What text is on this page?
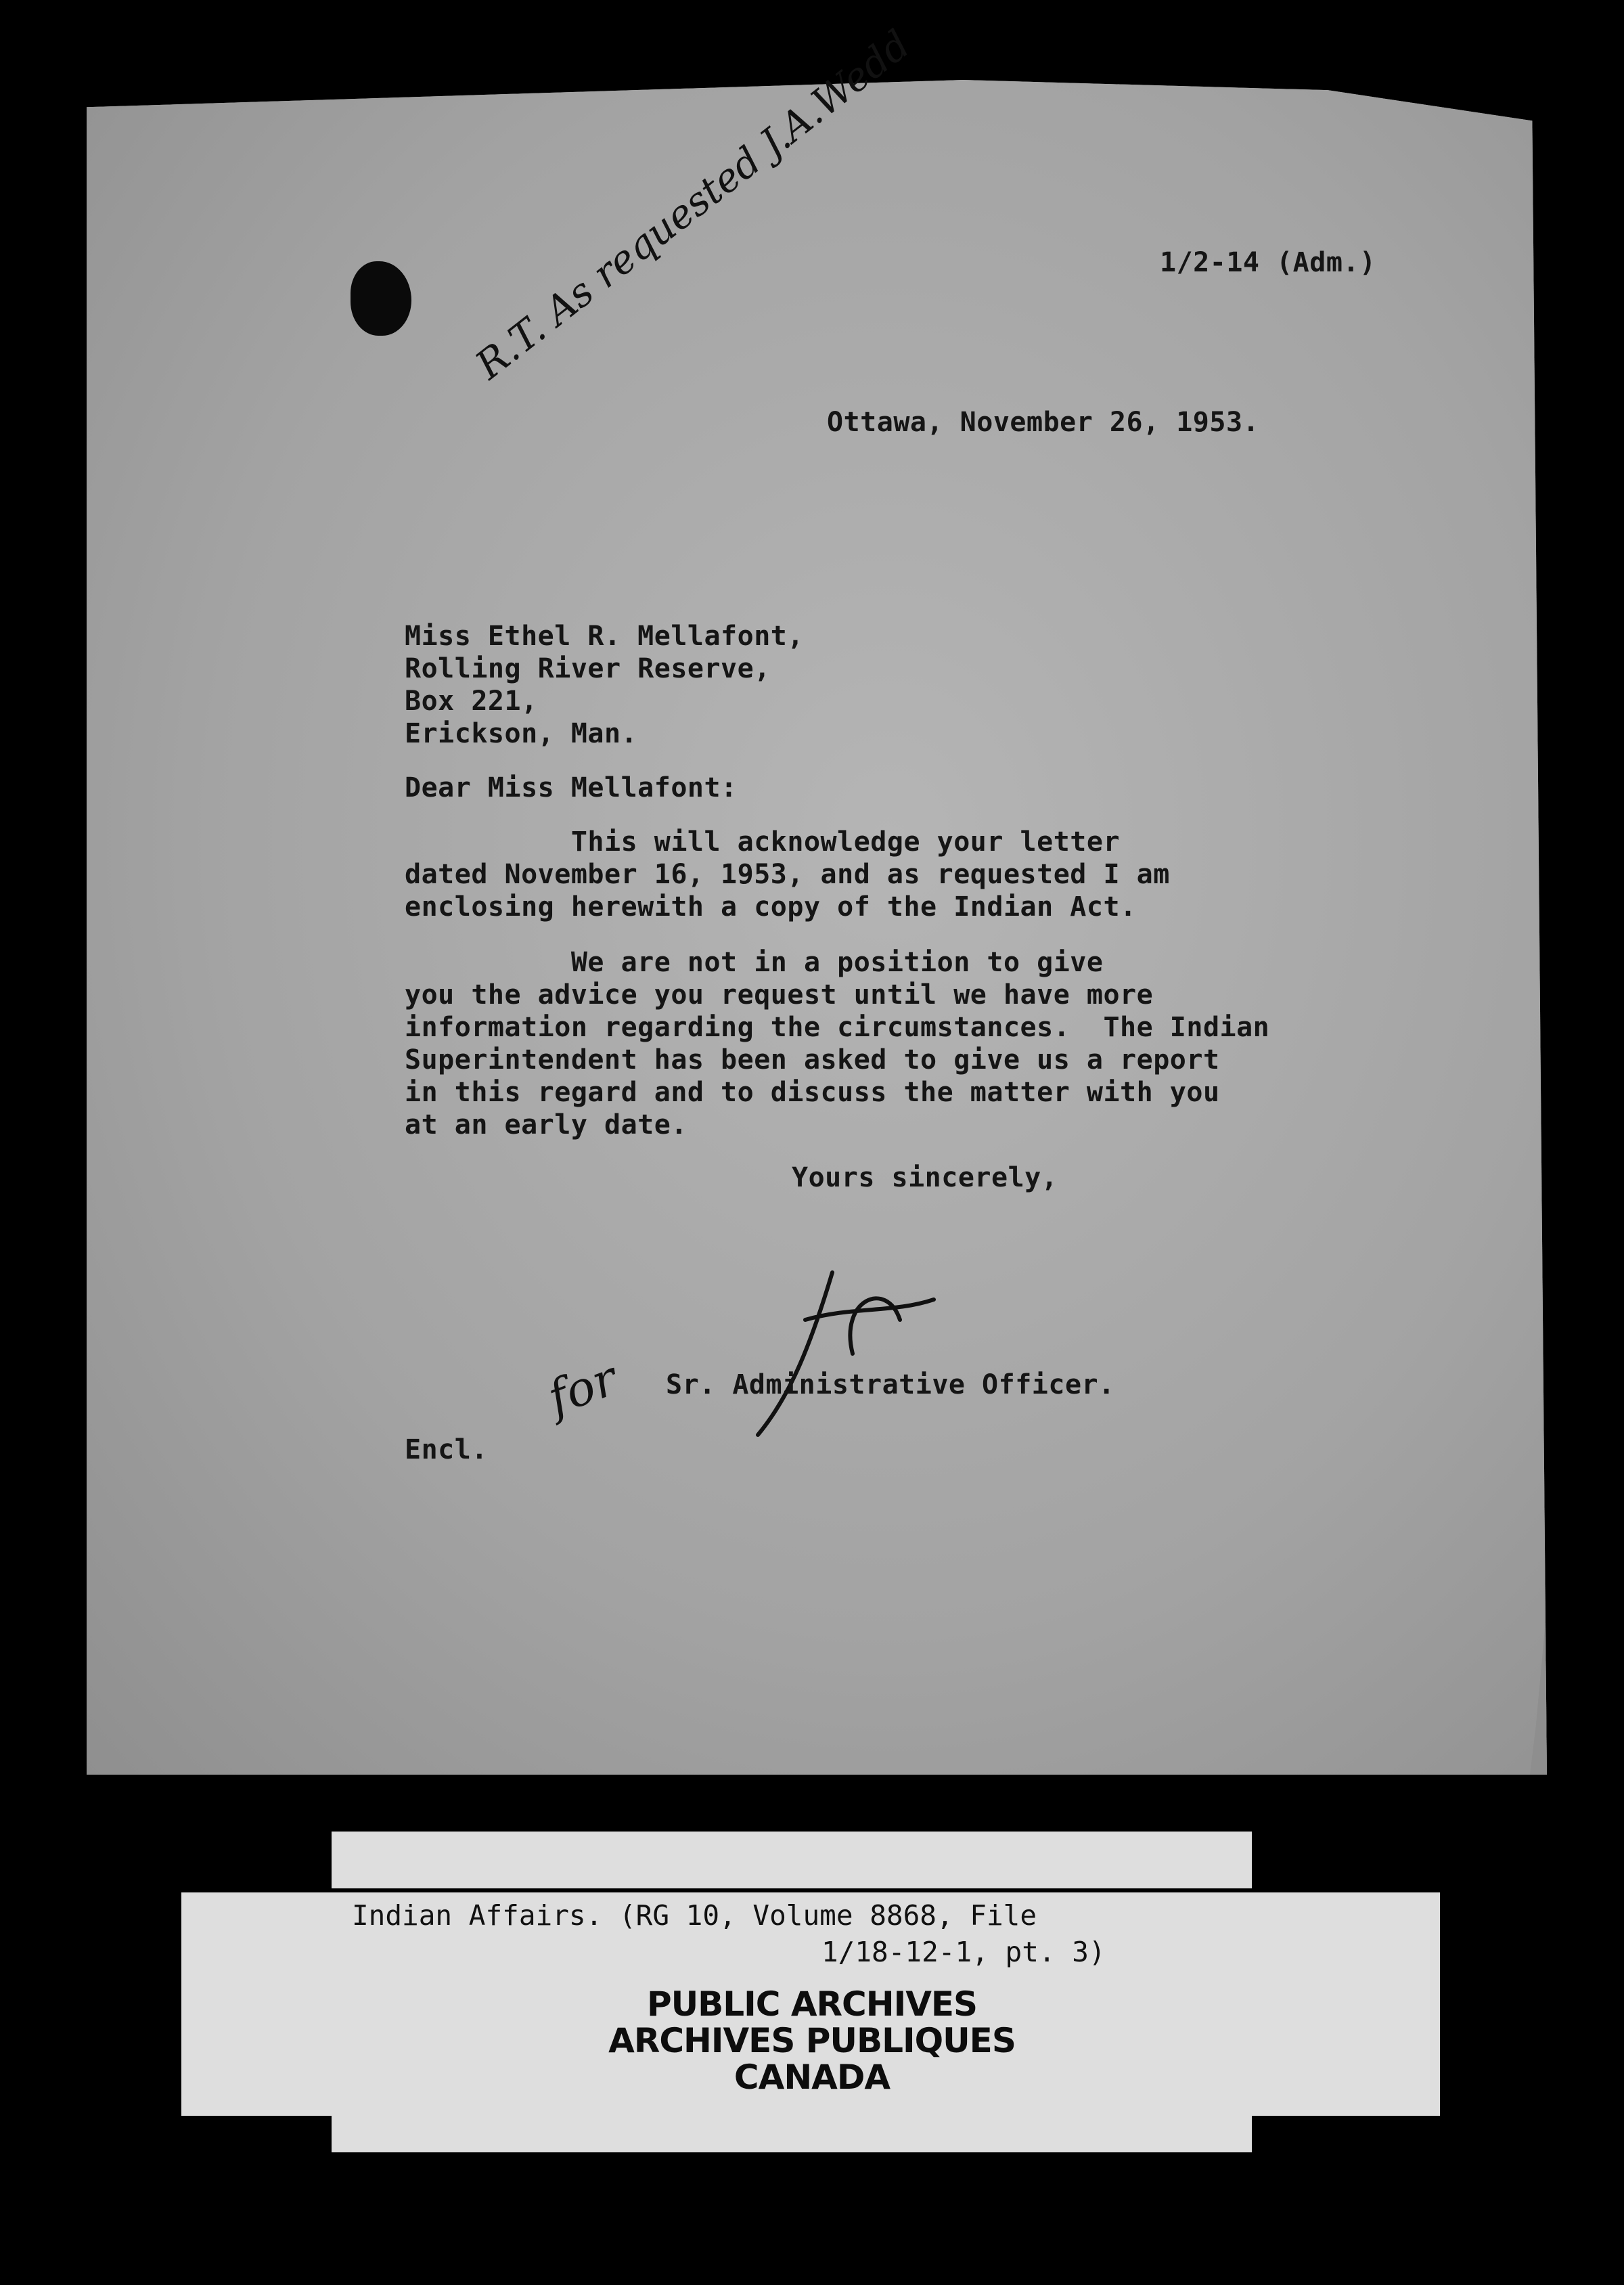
1/2-14 (Adm.)
R.T. As requested J.A.Wedd
Ottawa, November 26, 1953.
Miss Ethel R. Mellafont,
Rolling River Reserve,
Box 221,
Erickson, Man.
Dear Miss Mellafont:
This will acknowledge your letter
dated November 16, 1953, and as requested I am
enclosing herewith a copy of the Indian Act.
We are not in a position to give
you the advice you request until we have more
information regarding the circumstances.  The Indian
Superintendent has been asked to give us a report
in this regard and to discuss the matter with you
at an early date.
Yours sincerely,
for Sr. Administrative Officer.
Encl.
Indian Affairs. (RG 10, Volume 8868, File
1/18-12-1, pt. 3)
PUBLIC ARCHIVES
ARCHIVES PUBLIQUES
CANADA
